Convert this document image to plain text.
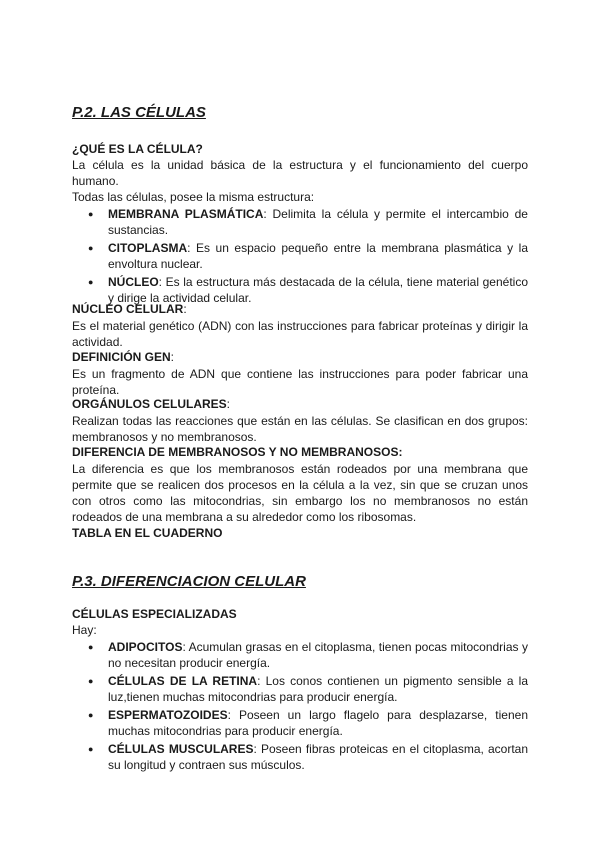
P.2. LAS CÉLULAS
¿QUÉ ES LA CÉLULA?
La célula es la unidad básica de la estructura y el funcionamiento del cuerpo humano.
Todas las células, posee la misma estructura:
● MEMBRANA PLASMÁTICA: Delimita la célula y permite el intercambio de sustancias.
● CITOPLASMA: Es un espacio pequeño entre la membrana plasmática y la envoltura nuclear.
● NÚCLEO: Es la estructura más destacada de la célula, tiene material genético y dirige la actividad celular.
NÚCLEO CELULAR:
Es el material genético (ADN) con las instrucciones para fabricar proteínas y dirigir la actividad.
DEFINICIÓN GEN:
Es un fragmento de ADN que contiene las instrucciones para poder fabricar una proteína.
ORGÁNULOS CELULARES:
Realizan todas las reacciones que están en las células. Se clasifican en dos grupos: membranosos y no membranosos.
DIFERENCIA DE MEMBRANOSOS Y NO MEMBRANOSOS:
La diferencia es que los membranosos están rodeados por una membrana que permite que se realicen dos procesos en la célula a la vez, sin que se cruzan unos con otros como las mitocondrias, sin embargo los no membranosos no están rodeados de una membrana a su alrededor como los ribosomas.
TABLA EN EL CUADERNO
P.3. DIFERENCIACION CELULAR
CÉLULAS ESPECIALIZADAS
Hay:
● ADIPOCITOS: Acumulan grasas en el citoplasma, tienen pocas mitocondrias y no necesitan producir energía.
● CÉLULAS DE LA RETINA: Los conos contienen un pigmento sensible a la luz,tienen muchas mitocondrias para producir energía.
● ESPERMATOZOIDES: Poseen un largo flagelo para desplazarse, tienen muchas mitocondrias para producir energía.
● CÉLULAS MUSCULARES: Poseen fibras proteicas en el citoplasma, acortan su longitud y contraen sus músculos.
